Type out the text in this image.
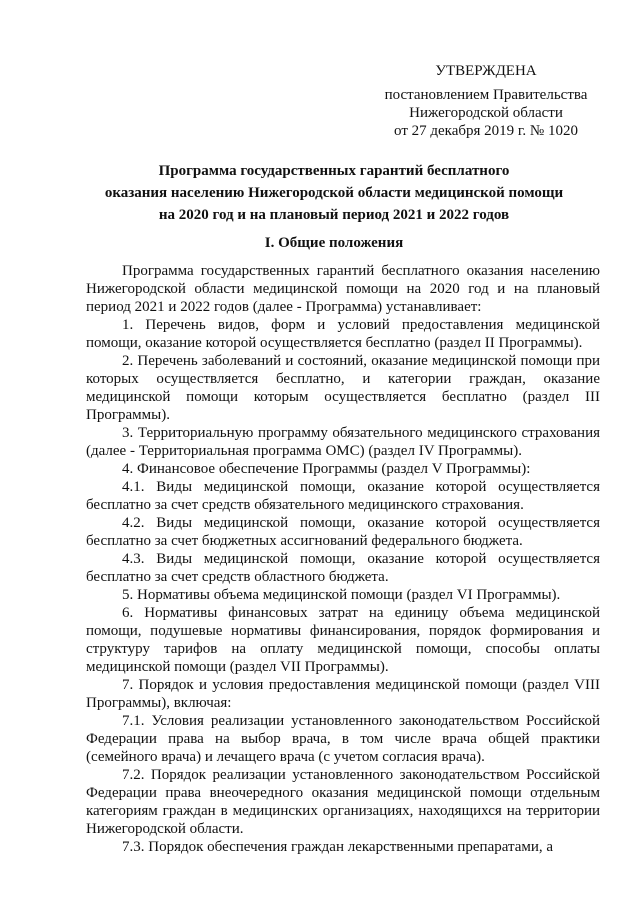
УТВЕРЖДЕНА
постановлением Правительства
Нижегородской области
от 27 декабря 2019 г. № 1020
Программа государственных гарантий бесплатного
оказания населению Нижегородской области медицинской помощи
на 2020 год и на плановый период 2021 и 2022 годов
I. Общие положения

Программа государственных гарантий бесплатного оказания населению Нижегородской области медицинской помощи на 2020 год и на плановый период 2021 и 2022 годов (далее - Программа) устанавливает:

1. Перечень видов, форм и условий предоставления медицинской помощи, оказание которой осуществляется бесплатно (раздел II Программы).

2. Перечень заболеваний и состояний, оказание медицинской помощи при которых осуществляется бесплатно, и категории граждан, оказание медицинской помощи которым осуществляется бесплатно (раздел III Программы).

3. Территориальную программу обязательного медицинского страхования (далее - Территориальная программа ОМС) (раздел IV Программы).

4. Финансовое обеспечение Программы (раздел V Программы):

4.1. Виды медицинской помощи, оказание которой осуществляется бесплатно за счет средств обязательного медицинского страхования.

4.2. Виды медицинской помощи, оказание которой осуществляется бесплатно за счет бюджетных ассигнований федерального бюджета.

4.3. Виды медицинской помощи, оказание которой осуществляется бесплатно за счет средств областного бюджета.

5. Нормативы объема медицинской помощи (раздел VI Программы).

6. Нормативы финансовых затрат на единицу объема медицинской помощи, подушевые нормативы финансирования, порядок формирования и структуру тарифов на оплату медицинской помощи, способы оплаты медицинской помощи (раздел VII Программы).

7. Порядок и условия предоставления медицинской помощи (раздел VIII Программы), включая:

7.1. Условия реализации установленного законодательством Российской Федерации права на выбор врача, в том числе врача общей практики (семейного врача) и лечащего врача (с учетом согласия врача).

7.2. Порядок реализации установленного законодательством Российской Федерации права внеочередного оказания медицинской помощи отдельным категориям граждан в медицинских организациях, находящихся на территории Нижегородской области.

7.3. Порядок обеспечения граждан лекарственными препаратами, а
